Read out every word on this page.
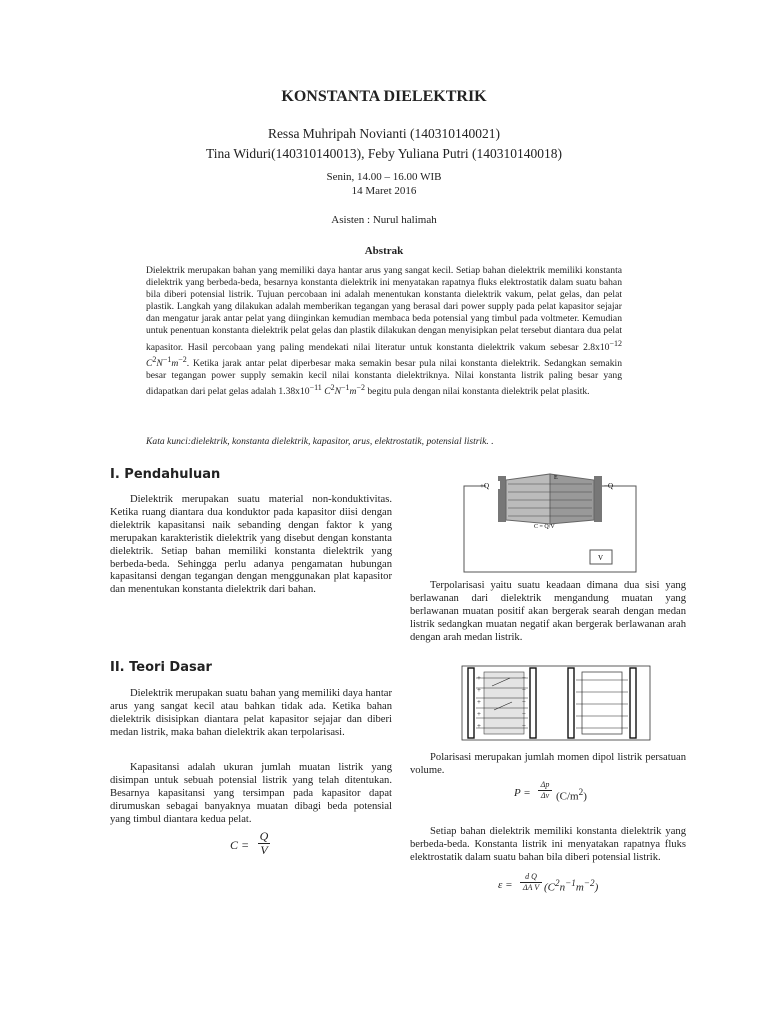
KONSTANTA DIELEKTRIK
Ressa Muhripah Novianti (140310140021)
Tina Widuri(140310140013), Feby Yuliana Putri (140310140018)
Senin, 14.00 – 16.00 WIB
14 Maret 2016
Asisten : Nurul halimah
Abstrak
Dielektrik merupakan bahan yang memiliki daya hantar arus yang sangat kecil. Setiap bahan dielektrik memiliki konstanta dielektrik yang berbeda-beda, besarnya konstanta dielektrik ini menyatakan rapatnya fluks elektrostatik dalam suatu bahan bila diberi potensial listrik. Tujuan percobaan ini adalah menentukan konstanta dielektrik vakum, pelat gelas, dan pelat plastik. Langkah yang dilakukan adalah memberikan tegangan yang berasal dari power supply pada pelat kapasitor sejajar dan mengatur jarak antar pelat yang diinginkan kemudian membaca beda potensial yang timbul pada voltmeter. Kemudian untuk penentuan konstanta dielektrik pelat gelas dan plastik dilakukan dengan menyisipkan pelat tersebut diantara dua pelat kapasitor. Hasil percobaan yang paling mendekati nilai literatur untuk konstanta dielektrik vakum sebesar $2.8x10^{-12}$ $C^2N^{-1}m^{-2}$. Ketika jarak antar pelat diperbesar maka semakin besar pula nilai konstanta dielektrik. Sedangkan semakin besar tegangan power supply semakin kecil nilai konstanta dielektriknya. Nilai konstanta listrik paling besar yang didapatkan dari pelat gelas adalah $1.38x10^{-11}$ $C^2N^{-1}m^{-2}$ begitu pula dengan nilai konstanta dielektrik pelat plasitk.
Kata kunci:dielektrik, konstanta dielektrik, kapasitor, arus, elektrostatik, potensial listrik. .
I. Pendahuluan

Dielektrik merupakan suatu material non-konduktivitas. Ketika ruang diantara dua konduktor pada kapasitor diisi dengan dielektrik kapasitansi naik sebanding dengan faktor k yang merupakan karakteristik dielektrik yang disebut dengan konstanta dielektrik. Setiap bahan memiliki konstanta dielektrik yang berbeda-beda. Sehingga perlu adanya pengamatan hubungan kapasitansi dengan tegangan dengan menggunakan plat kapasitor dan menentukan konstanta dielektrik dari bahan.

II. Teori Dasar

Dielektrik merupakan suatu bahan yang memiliki daya hantar arus yang sangat kecil atau bahkan tidak ada. Ketika bahan dielektrik disisipkan diantara pelat kapasitor sejajar dan diberi medan listrik, maka bahan dielektrik akan terpolarisasi.

Kapasitansi adalah ukuran jumlah muatan listrik yang disimpan untuk sebuah potensial listrik yang telah ditentukan. Besarnya kapasitansi yang tersimpan pada kapasitor dapat dirumuskan sebagai banyaknya muatan dibagi beda potensial yang timbul diantara kedua pelat.

$C = \frac{Q}{V}$
+Q	−Q
E
C = Q/V
V

Terpolarisasi yaitu suatu keadaan dimana dua sisi yang berlawanan dari dielektrik mengandung muatan yang berlawanan muatan positif akan bergerak searah dengan medan listrik sedangkan muatan negatif akan bergerak berlawanan arah dengan arah medan listrik.

+
+
+
+
+
−
−
−
−
−

Polarisasi merupakan jumlah momen dipol listrik persatuan volume.

$P = \frac{\Delta p}{\Delta v} (C/m^2)$

Setiap bahan dielektrik memiliki konstanta dielektrik yang berbeda-beda. Konstanta listrik ini menyatakan rapatnya fluks elektrostatik dalam suatu bahan bila diberi potensial listrik.

$\varepsilon = \frac{\text{d Q}}{\text{ΔA V}} (C^2n^{-1}m^{-2})$
